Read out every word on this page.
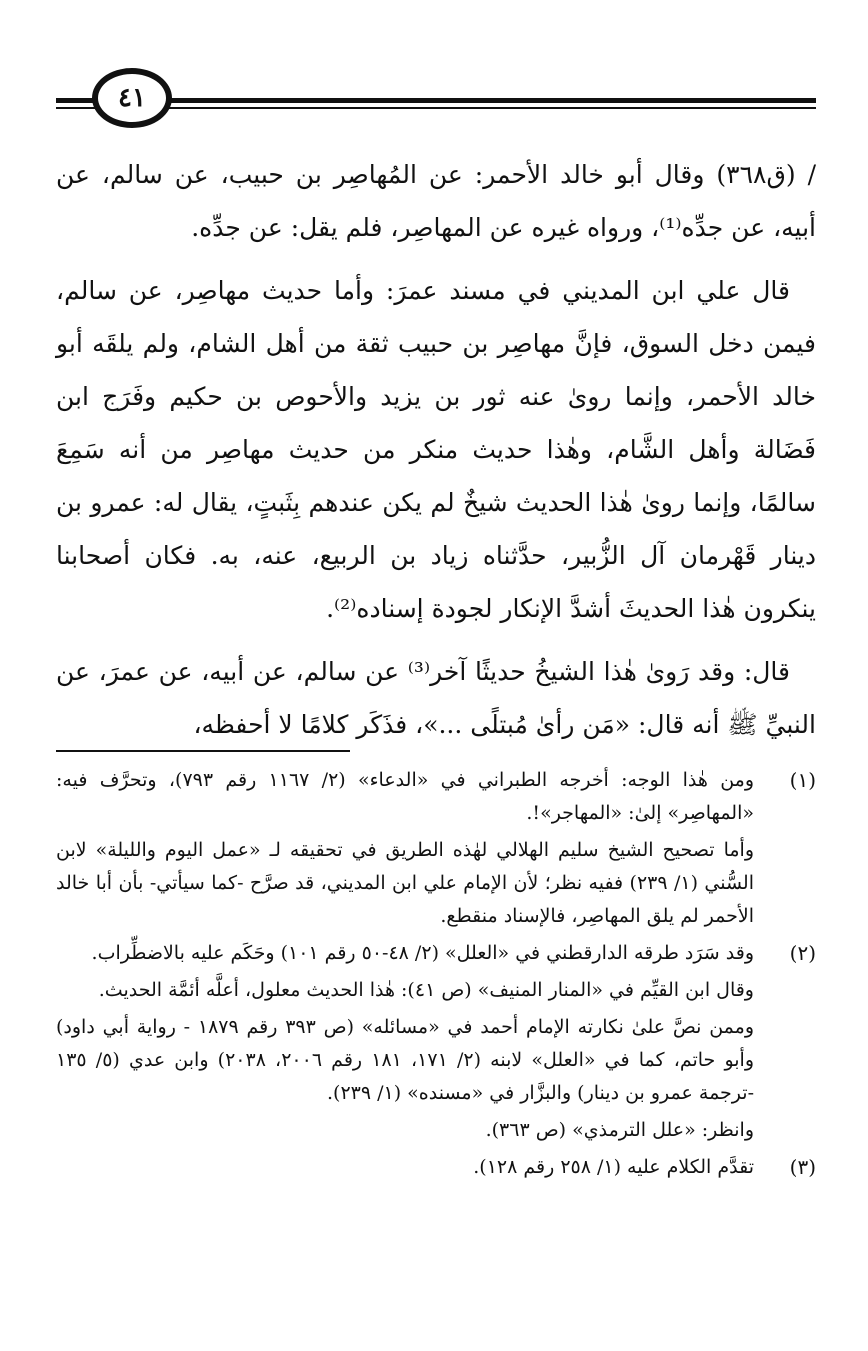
٤١

/ (ق٣٦٨) وقال أبو خالد الأحمر: عن المُهاصِر بن حبيب، عن سالم، عن أبيه، عن جدِّه⁽¹⁾، ورواه غيره عن المهاصِر، فلم يقل: عن جدِّه.

قال علي ابن المديني في مسند عمرَ: وأما حديث مهاصِر، عن سالم، فيمن دخل السوق، فإنَّ مهاصِر بن حبيب ثقة من أهل الشام، ولم يلقَه أبو خالد الأحمر، وإنما روىٰ عنه ثور بن يزيد والأحوص بن حكيم وفَرَج ابن فَضَالة وأهل الشَّام، وهٰذا حديث منكر من حديث مهاصِر من أنه سَمِعَ سالمًا، وإنما روىٰ هٰذا الحديث شيخٌ لم يكن عندهم بِثَبتٍ، يقال له: عمرو بن دينار قَهْرمان آل الزُّبير، حدَّثناه زياد بن الربيع، عنه، به. فكان أصحابنا ينكرون هٰذا الحديثَ أشدَّ الإنكار لجودة إسناده⁽²⁾.

قال: وقد رَوىٰ هٰذا الشيخُ حديثًا آخر⁽³⁾ عن سالم، عن أبيه، عن عمرَ، عن النبيِّ ﷺ أنه قال: «مَن رأىٰ مُبتلًى ...»، فذَكَر كلامًا لا أحفظه،

(١)

ومن هٰذا الوجه: أخرجه الطبراني في «الدعاء» (٢/ ١١٦٧ رقم ٧٩٣)، وتحرَّف فيه: «المهاصِر» إلىٰ: «المهاجر»!.

وأما تصحيح الشيخ سليم الهلالي لهٰذه الطريق في تحقيقه لـ «عمل اليوم والليلة» لابن السُّني (١/ ٢٣٩) ففيه نظر؛ لأن الإمام علي ابن المديني، قد صرَّح -كما سيأتي- بأن أبا خالد الأحمر لم يلق المهاصِر، فالإسناد منقطع.

(٢)

وقد سَرَد طرقه الدارقطني في «العلل» (٢/ ٤٨-٥٠ رقم ١٠١) وحَكَم عليه بالاضطِّراب.

وقال ابن القيِّم في «المنار المنيف» (ص ٤١): هٰذا الحديث معلول، أعلَّه أئمَّة الحديث.

وممن نصَّ علىٰ نكارته الإمام أحمد في «مسائله» (ص ٣٩٣ رقم ١٨٧٩ - رواية أبي داود) وأبو حاتم، كما في «العلل» لابنه (٢/ ١٧١، ١٨١ رقم ٢٠٠٦، ٢٠٣٨) وابن عدي (٥/ ١٣٥ -ترجمة عمرو بن دينار) والبزَّار في «مسنده» (١/ ٢٣٩).

وانظر: «علل الترمذي» (ص ٣٦٣).

(٣)

تقدَّم الكلام عليه (١/ ٢٥٨ رقم ١٢٨).
